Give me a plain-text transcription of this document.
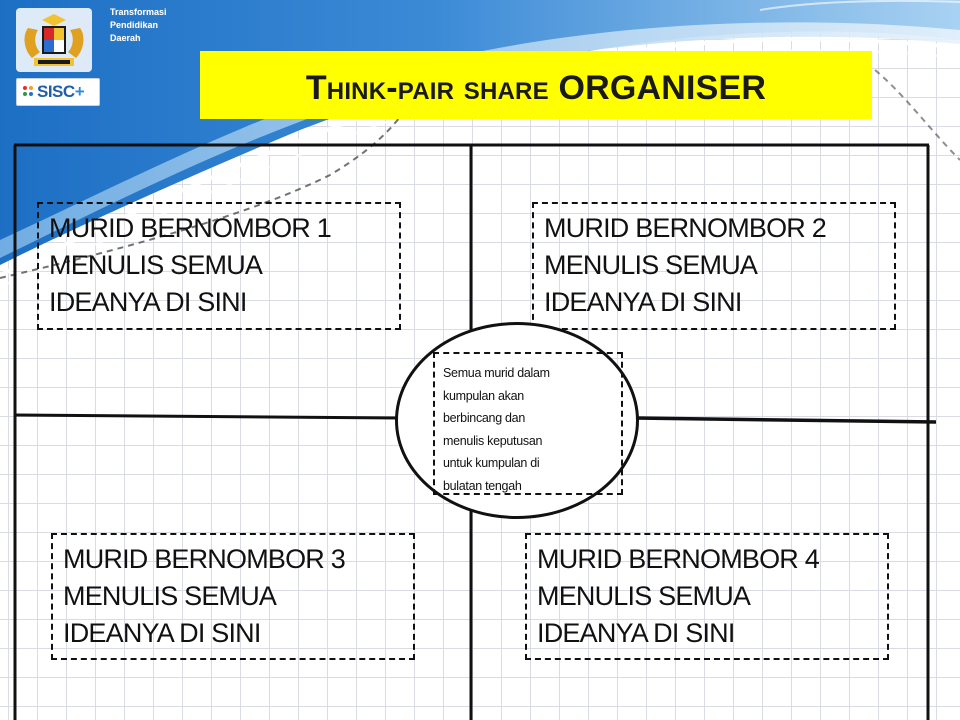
Transformasi
Pendidikan
Daerah
SISC+	Think-pair share ORGANISER
MURID BERNOMBOR 1
MENULIS SEMUA
IDEANYA DI SINI
MURID BERNOMBOR 2
MENULIS SEMUA
IDEANYA DI SINI
MURID BERNOMBOR 3
MENULIS SEMUA
IDEANYA DI SINI
MURID BERNOMBOR 4
MENULIS SEMUA
IDEANYA DI SINI
Semua murid dalam
kumpulan akan
berbincang dan
menulis keputusan
untuk kumpulan di
bulatan tengah
